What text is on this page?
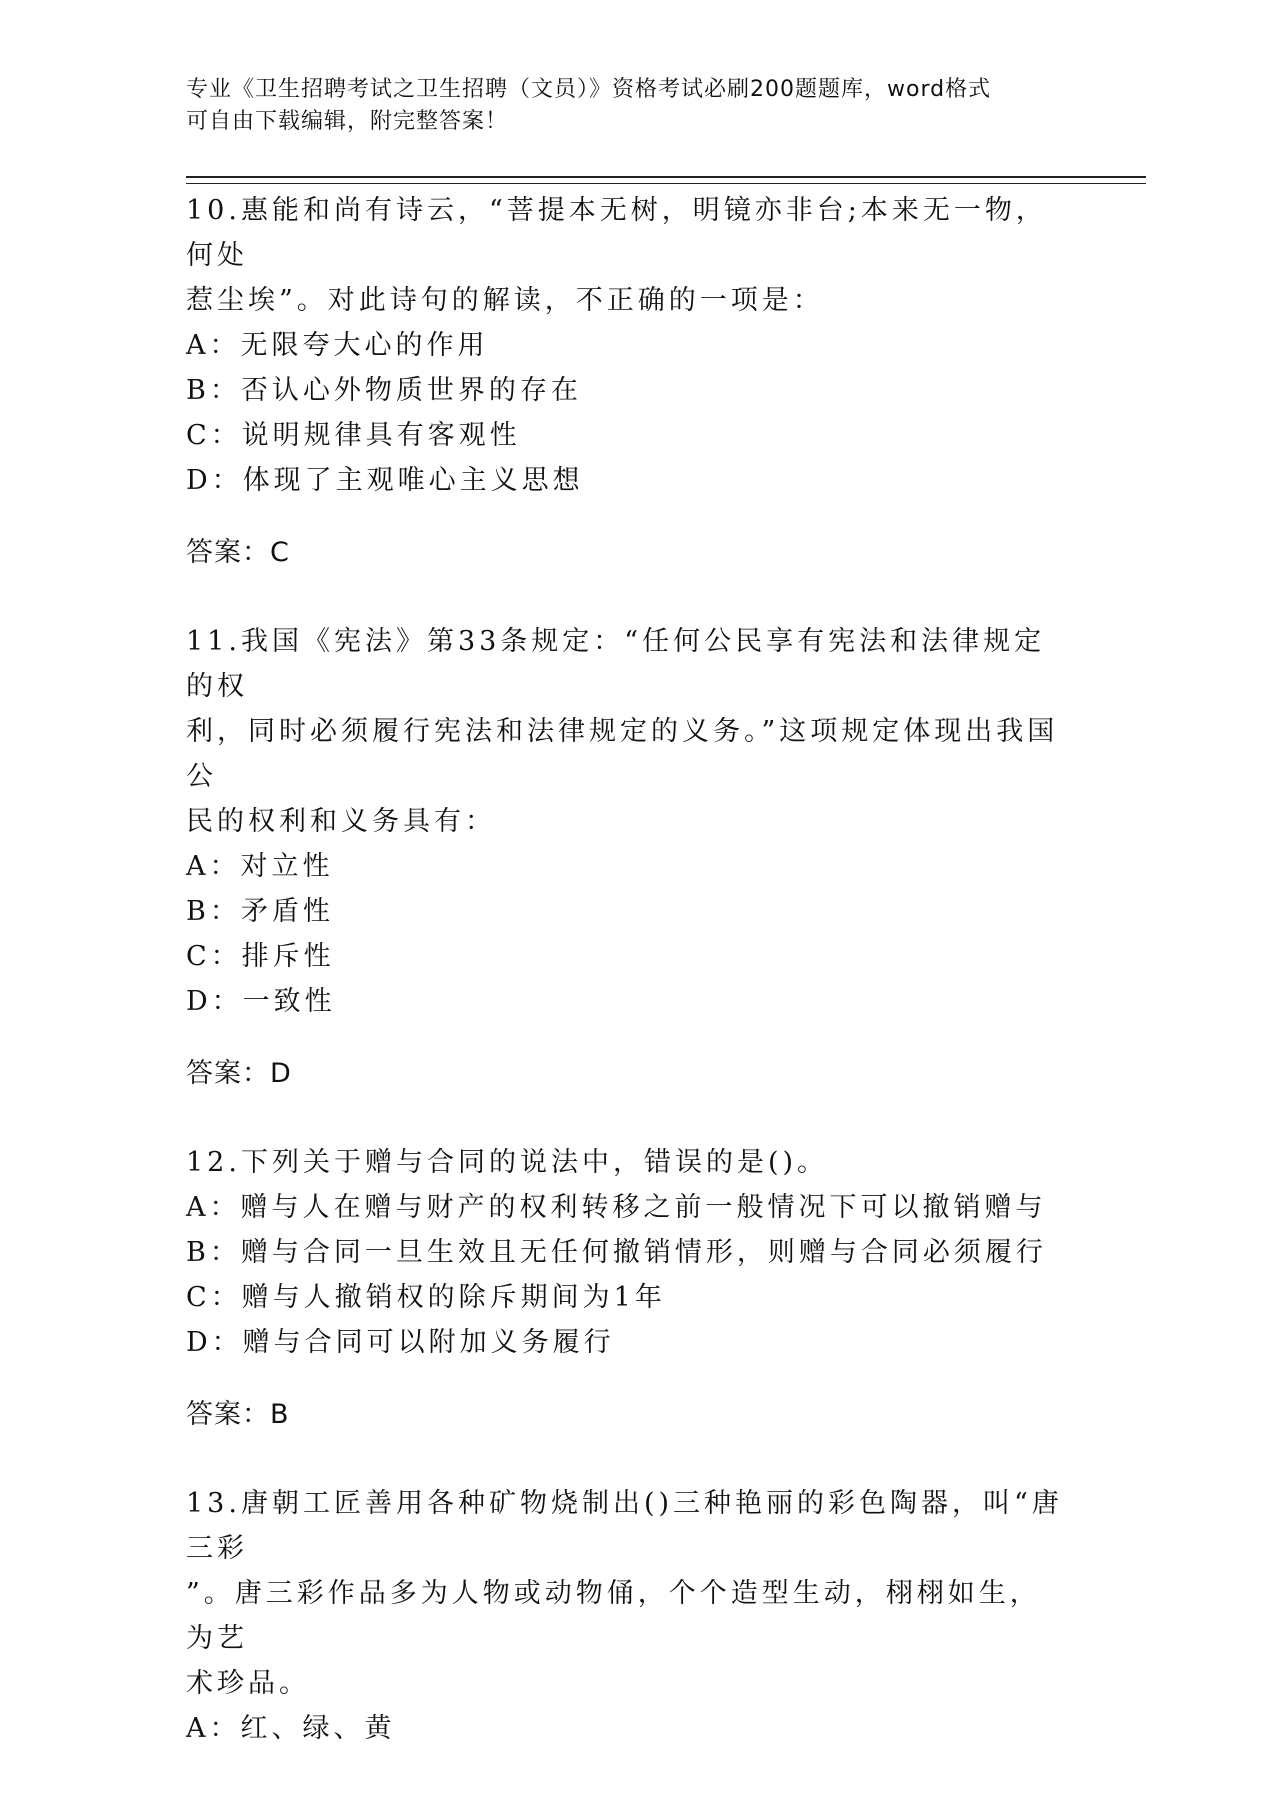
专业《卫生招聘考试之卫生招聘（文员）》资格考试必刷200题题库，word格式
可自由下载编辑，附完整答案！

10.惠能和尚有诗云，“菩提本无树，明镜亦非台;本来无一物，何处

惹尘埃”。对此诗句的解读，不正确的一项是：

A：无限夸大心的作用

B：否认心外物质世界的存在

C：说明规律具有客观性

D：体现了主观唯心主义思想

答案：C

11.我国《宪法》第33条规定：“任何公民享有宪法和法律规定的权

利，同时必须履行宪法和法律规定的义务。”这项规定体现出我国公

民的权利和义务具有：

A：对立性

B：矛盾性

C：排斥性

D：一致性

答案：D

12.下列关于赠与合同的说法中，错误的是()。

A：赠与人在赠与财产的权利转移之前一般情况下可以撤销赠与

B：赠与合同一旦生效且无任何撤销情形，则赠与合同必须履行

C：赠与人撤销权的除斥期间为1年

D：赠与合同可以附加义务履行

答案：B

13.唐朝工匠善用各种矿物烧制出()三种艳丽的彩色陶器，叫“唐三彩

”。唐三彩作品多为人物或动物俑，个个造型生动，栩栩如生，为艺

术珍品。

A：红、绿、黄
